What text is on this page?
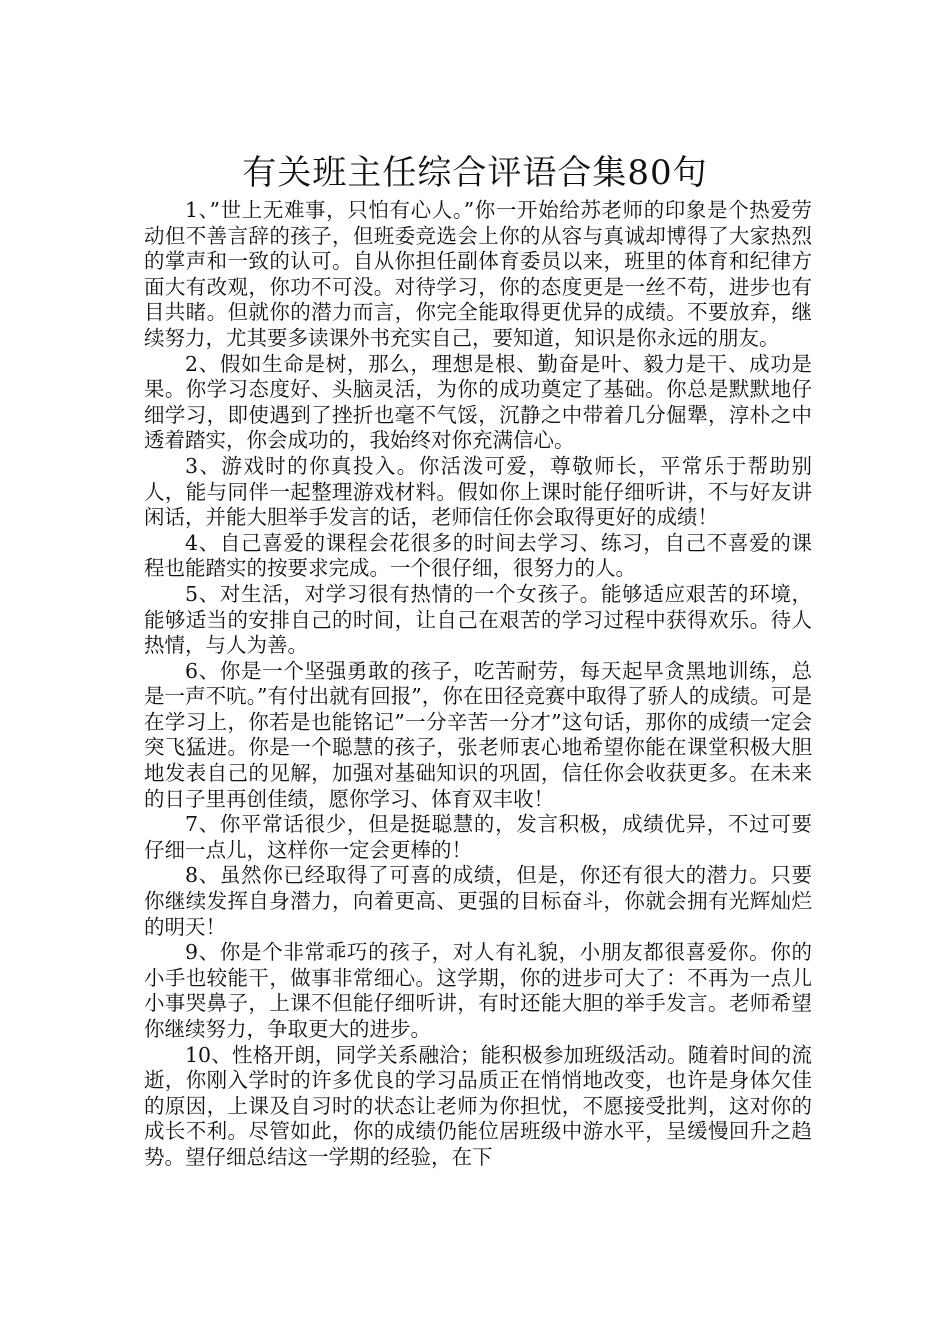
有关班主任综合评语合集80句

1、”世上无难事，只怕有心人。”你一开始给苏老师的印象是个热爱劳动但不善言辞的孩子，但班委竞选会上你的从容与真诚却博得了大家热烈的掌声和一致的认可。自从你担任副体育委员以来，班里的体育和纪律方面大有改观，你功不可没。对待学习，你的态度更是一丝不苟，进步也有目共睹。但就你的潜力而言，你完全能取得更优异的成绩。不要放弃，继续努力，尤其要多读课外书充实自己，要知道，知识是你永远的朋友。

2、假如生命是树，那么，理想是根、勤奋是叶、毅力是干、成功是果。你学习态度好、头脑灵活，为你的成功奠定了基础。你总是默默地仔细学习，即使遇到了挫折也毫不气馁，沉静之中带着几分倔犟，淳朴之中透着踏实，你会成功的，我始终对你充满信心。

3、游戏时的你真投入。你活泼可爱，尊敬师长，平常乐于帮助别人，能与同伴一起整理游戏材料。假如你上课时能仔细听讲，不与好友讲闲话，并能大胆举手发言的话，老师信任你会取得更好的成绩！

4、自己喜爱的课程会花很多的时间去学习、练习，自己不喜爱的课程也能踏实的按要求完成。一个很仔细，很努力的人。

5、对生活，对学习很有热情的一个女孩子。能够适应艰苦的环境，能够适当的安排自己的时间，让自己在艰苦的学习过程中获得欢乐。待人热情，与人为善。

6、你是一个坚强勇敢的孩子，吃苦耐劳，每天起早贪黑地训练，总是一声不吭。”有付出就有回报”，你在田径竞赛中取得了骄人的成绩。可是在学习上，你若是也能铭记”一分辛苦一分才”这句话，那你的成绩一定会突飞猛进。你是一个聪慧的孩子，张老师衷心地希望你能在课堂积极大胆地发表自己的见解，加强对基础知识的巩固，信任你会收获更多。在未来的日子里再创佳绩，愿你学习、体育双丰收！

7、你平常话很少，但是挺聪慧的，发言积极，成绩优异，不过可要仔细一点儿，这样你一定会更棒的！

8、虽然你已经取得了可喜的成绩，但是，你还有很大的潜力。只要你继续发挥自身潜力，向着更高、更强的目标奋斗，你就会拥有光辉灿烂的明天！

9、你是个非常乖巧的孩子，对人有礼貌，小朋友都很喜爱你。你的小手也较能干，做事非常细心。这学期，你的进步可大了：不再为一点儿小事哭鼻子，上课不但能仔细听讲，有时还能大胆的举手发言。老师希望你继续努力，争取更大的进步。

10、性格开朗，同学关系融洽；能积极参加班级活动。随着时间的流逝，你刚入学时的许多优良的学习品质正在悄悄地改变，也许是身体欠佳的原因，上课及自习时的状态让老师为你担忧，不愿接受批判，这对你的成长不利。尽管如此，你的成绩仍能位居班级中游水平，呈缓慢回升之趋势。望仔细总结这一学期的经验，在下
